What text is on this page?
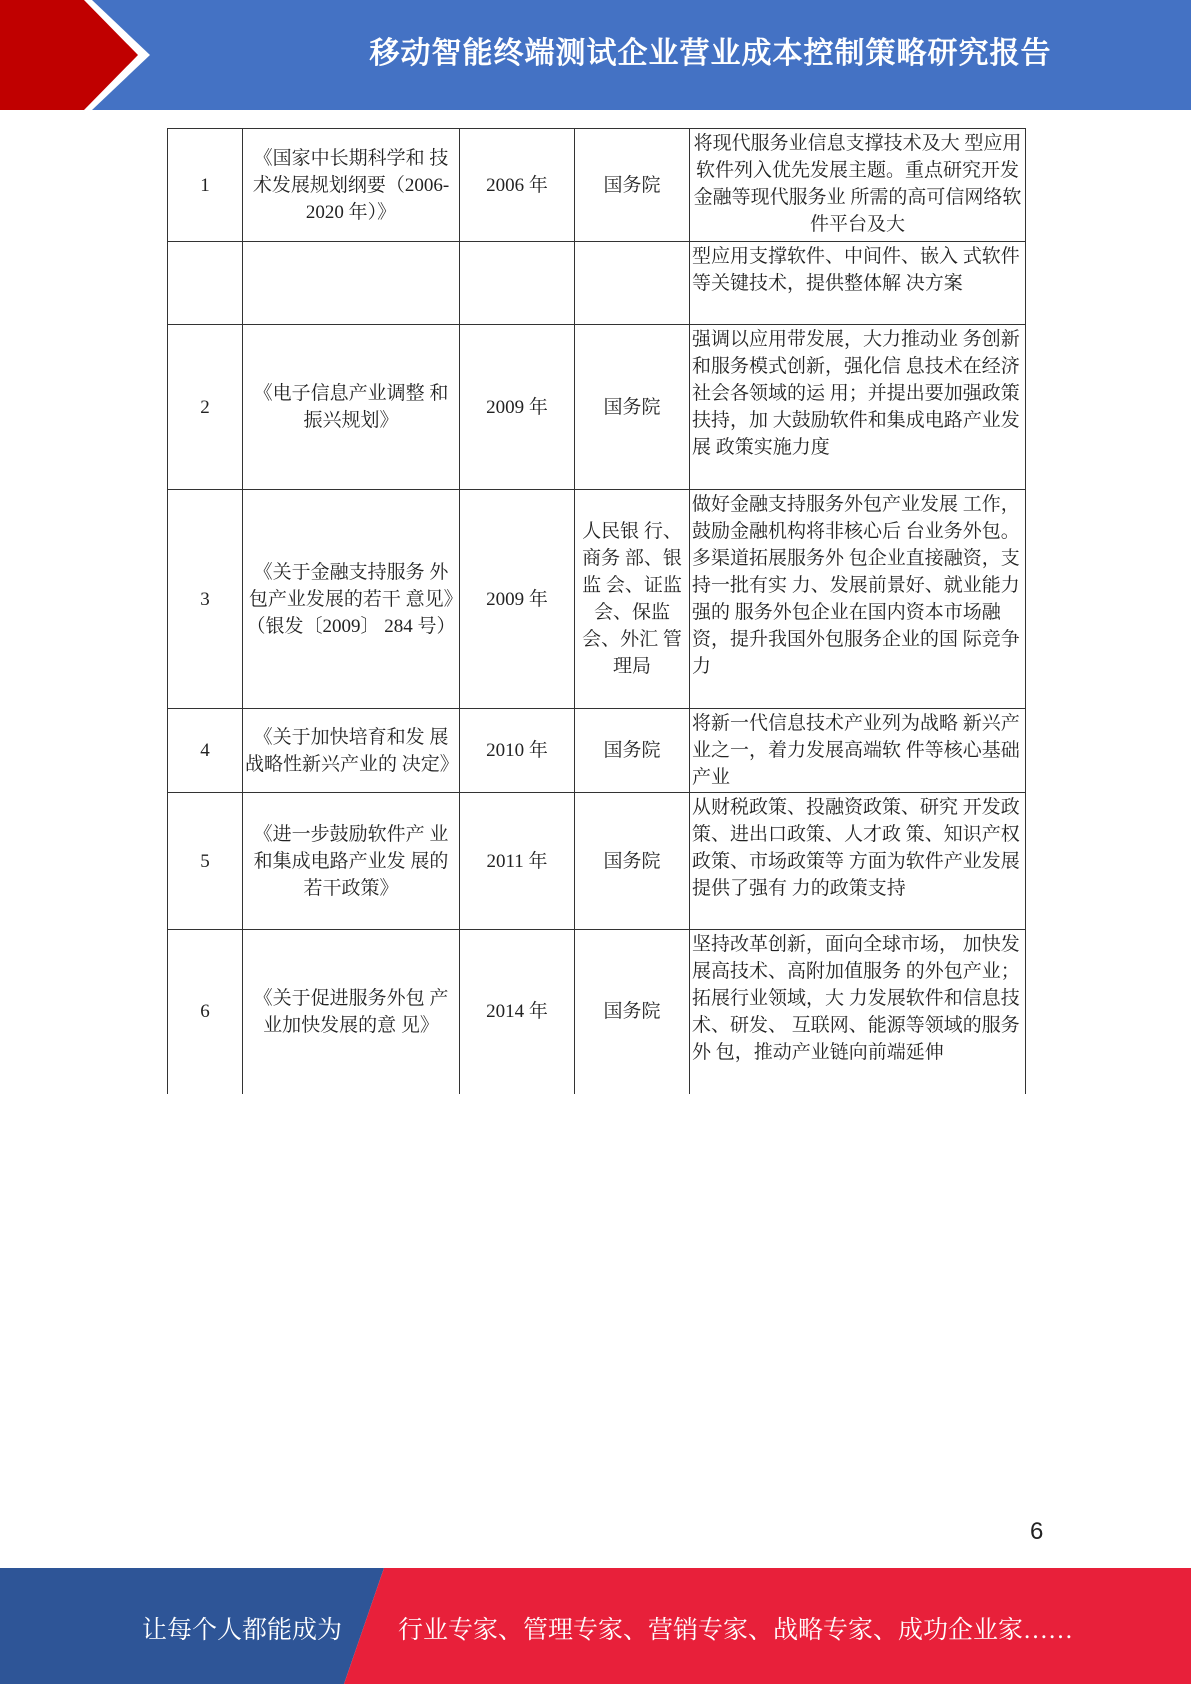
移动智能终端测试企业营业成本控制策略研究报告
1	《国家中长期科学和 技术发展规划纲要（2006-2020 年）》	2006 年	国务院	将现代服务业信息支撑技术及大 型应用软件列入优先发展主题。重点研究开发金融等现代服务业 所需的高可信网络软件平台及大
				型应用支撑软件、中间件、嵌入 式软件等关键技术，提供整体解 决方案
2	《电子信息产业调整 和振兴规划》	2009 年	国务院	强调以应用带发展，大力推动业 务创新和服务模式创新，强化信 息技术在经济社会各领域的运 用；并提出要加强政策扶持，加 大鼓励软件和集成电路产业发展 政策实施力度
3	《关于金融支持服务 外包产业发展的若干 意见》（银发〔2009〕 284 号）	2009 年	人民银 行、商务 部、银监 会、证监 会、保监 会、外汇 管理局	做好金融支持服务外包产业发展 工作，鼓励金融机构将非核心后 台业务外包。多渠道拓展服务外 包企业直接融资，支持一批有实 力、发展前景好、就业能力强的 服务外包企业在国内资本市场融 资，提升我国外包服务企业的国 际竞争力
4	《关于加快培育和发 展战略性新兴产业的 决定》	2010 年	国务院	将新一代信息技术产业列为战略 新兴产业之一，着力发展高端软 件等核心基础产业
5	《进一步鼓励软件产 业和集成电路产业发 展的若干政策》	2011 年	国务院	从财税政策、投融资政策、研究 开发政策、进出口政策、人才政 策、知识产权政策、市场政策等 方面为软件产业发展提供了强有 力的政策支持
6	《关于促进服务外包 产业加快发展的意 见》	2014 年	国务院	坚持改革创新，面向全球市场， 加快发展高技术、高附加值服务 的外包产业；拓展行业领域，大 力发展软件和信息技术、研发、 互联网、能源等领域的服务外 包，推动产业链向前端延伸
6
让每个人都能成为 行业专家、管理专家、营销专家、战略专家、成功企业家……
